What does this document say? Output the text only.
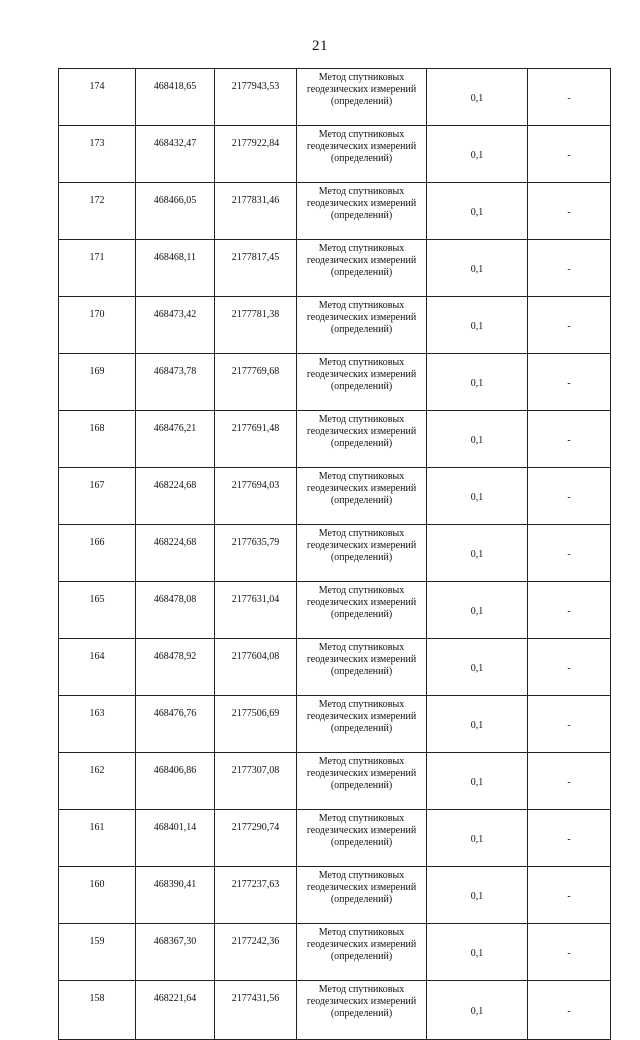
21
174	468418,65	2177943,53	Метод спутниковых
геодезических измерений
(определений)	0,1	-
173	468432,47	2177922,84	Метод спутниковых
геодезических измерений
(определений)	0,1	-
172	468466,05	2177831,46	Метод спутниковых
геодезических измерений
(определений)	0,1	-
171	468468,11	2177817,45	Метод спутниковых
геодезических измерений
(определений)	0,1	-
170	468473,42	2177781,38	Метод спутниковых
геодезических измерений
(определений)	0,1	-
169	468473,78	2177769,68	Метод спутниковых
геодезических измерений
(определений)	0,1	-
168	468476,21	2177691,48	Метод спутниковых
геодезических измерений
(определений)	0,1	-
167	468224,68	2177694,03	Метод спутниковых
геодезических измерений
(определений)	0,1	-
166	468224,68	2177635,79	Метод спутниковых
геодезических измерений
(определений)	0,1	-
165	468478,08	2177631,04	Метод спутниковых
геодезических измерений
(определений)	0,1	-
164	468478,92	2177604,08	Метод спутниковых
геодезических измерений
(определений)	0,1	-
163	468476,76	2177506,69	Метод спутниковых
геодезических измерений
(определений)	0,1	-
162	468406,86	2177307,08	Метод спутниковых
геодезических измерений
(определений)	0,1	-
161	468401,14	2177290,74	Метод спутниковых
геодезических измерений
(определений)	0,1	-
160	468390,41	2177237,63	Метод спутниковых
геодезических измерений
(определений)	0,1	-
159	468367,30	2177242,36	Метод спутниковых
геодезических измерений
(определений)	0,1	-
158	468221,64	2177431,56	Метод спутниковых
геодезических измерений
(определений)	0,1	-
